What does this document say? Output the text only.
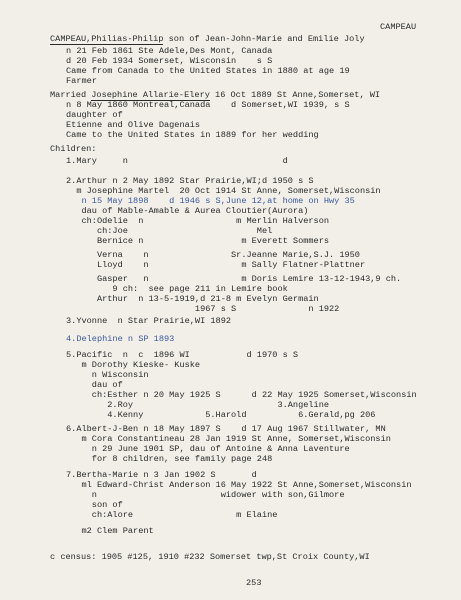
CAMPEAU
CAMPEAU,Philias-Philip son of Jean-John-Marie and Emilie Joly
n 21 Feb 1861 Ste Adele,Des Mont, Canada
d 20 Feb 1934 Somerset, Wisconsin    s S
Came from Canada to the United States in 1880 at age 19
Farmer
Married Josephine Allarie-Elery 16 Oct 1889 St Anne,Somerset, WI
n 8 May 1860 Montreal,Canada    d Somerset,WI 1939, s S
daughter of
Etienne and Olive Dagenais
Came to the United States in 1889 for her wedding
Children:
1.Mary     n                              d
2.Arthur n 2 May 1892 Star Prairie,WI;d 1950 s S
m Josephine Martel  20 Oct 1914 St Anne, Somerset,Wisconsin
n 15 May 1898    d 1946 s S,June 12,at home on Hwy 35
dau of Mable-Amable & Aurea Cloutier(Aurora)
ch:Odelie  n                  m Merlin Halverson
ch:Joe                         Mel
Bernice n                   m Everett Sommers
Verna    n                Sr.Jeanne Marie,S.J. 1950
Lloyd    n                  m Sally Flatner-Plattner
Gasper   n                  m Doris Lemire 13-12-1943,9 ch.
9 ch:  see page 211 in Lemire book
Arthur  n 13-5-1919,d 21-8 m Evelyn Germain
1967 s S              n 1922
3.Yvonne  n Star Prairie,WI 1892
4.Delephine n SP 1893
5.Pacific  n  c  1896 WI           d 1970 s S
m Dorothy Kieske- Kuske
n Wisconsin
dau of
ch:Esther n 20 May 1925 S      d 22 May 1925 Somerset,Wisconsin
2.Roy                            3.Angeline
4.Kenny            5.Harold          6.Gerald,pg 206
6.Albert-J-Ben n 18 May 1897 S    d 17 Aug 1967 Stillwater, MN
m Cora Constantineau 28 Jan 1919 St Anne, Somerset,Wisconsin
n 29 June 1901 SP, dau of Antoine & Anna Laventure
for 8 children, see family page 248
7.Bertha-Marie n 3 Jan 1902 S       d
ml Edward-Christ Anderson 16 May 1922 St Anne,Somerset,Wisconsin
n                        widower with son,Gilmore
son of
ch:Alore                    m Elaine
m2 Clem Parent
c census: 1905 #125, 1910 #232 Somerset twp,St Croix County,WI
253
